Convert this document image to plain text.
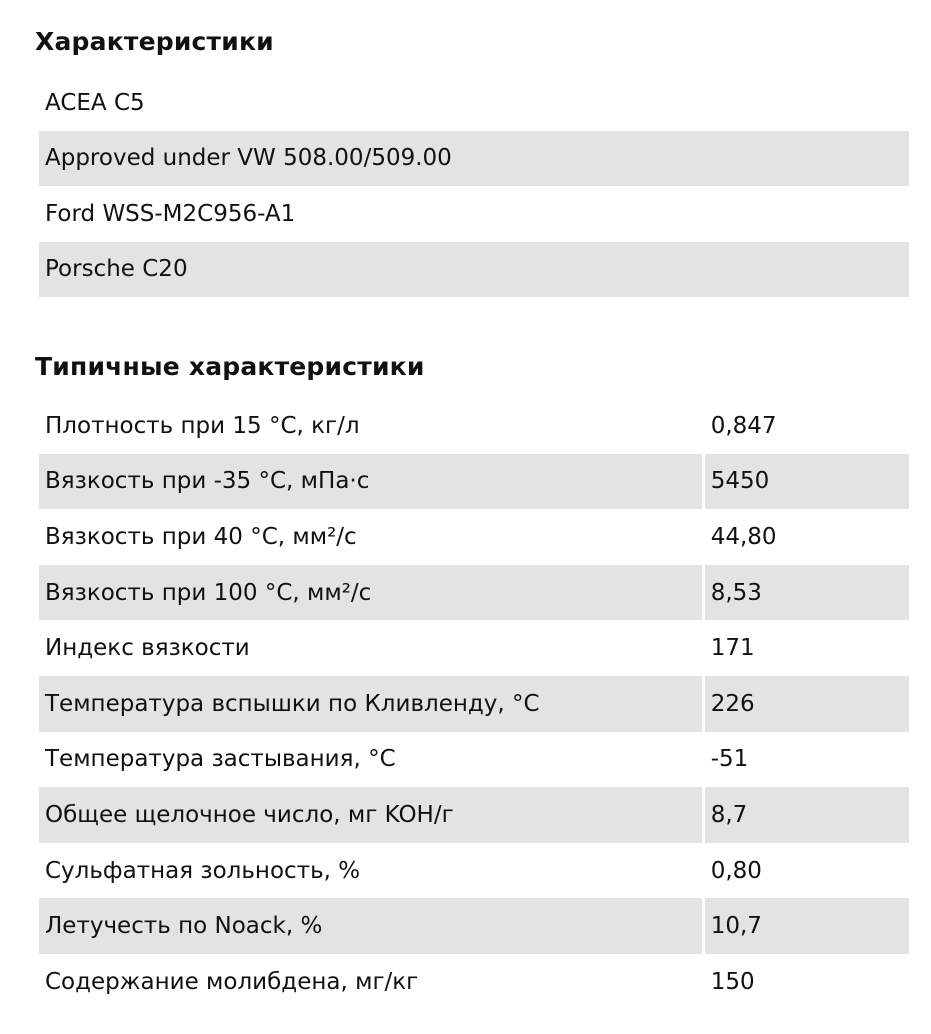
Характеристики
ACEA C5
Approved under VW 508.00/509.00
Ford WSS-M2C956-A1
Porsche C20
Типичные характеристики
Плотность при 15 °C, кг/л	0,847
Вязкость при -35 °C, мПа·с	5450
Вязкость при 40 °C, мм²/с	44,80
Вязкость при 100 °C, мм²/с	8,53
Индекс вязкости	171
Температура вспышки по Кливленду, °C	226
Температура застывания, °C	-51
Общее щелочное число, мг KOH/г	8,7
Сульфатная зольность, %	0,80
Летучесть по Noack, %	10,7
Содержание молибдена, мг/кг	150
